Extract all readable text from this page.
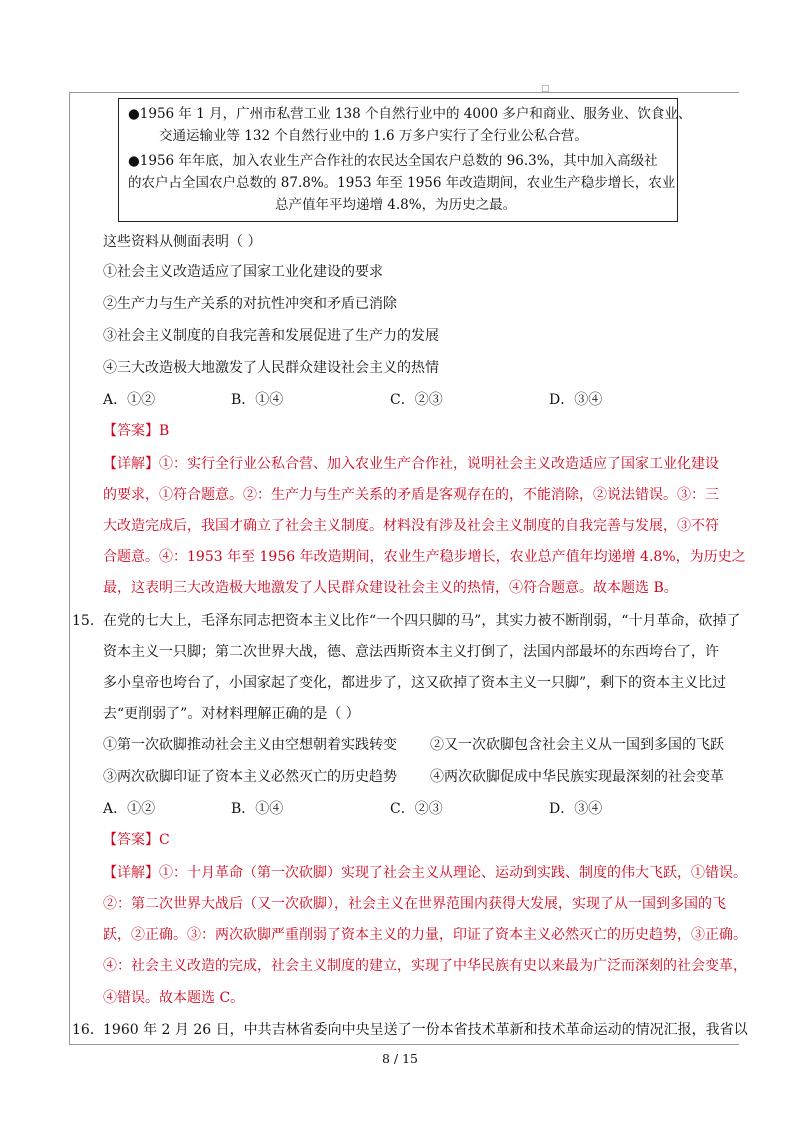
□
●1956 年 1 月，广州市私营工业 138 个自然行业中的 4000 多户和商业、服务业、饮食业、
交通运输业等 132 个自然行业中的 1.6 万多户实行了全行业公私合营。
●1956 年年底，加入农业生产合作社的农民达全国农户总数的 96.3%，其中加入高级社
的农户占全国农户总数的 87.8%。1953 年至 1956 年改造期间，农业生产稳步增长，农业
总产值年平均递增 4.8%，为历史之最。
这些资料从侧面表明（ ）
①社会主义改造适应了国家工业化建设的要求
②生产力与生产关系的对抗性冲突和矛盾已消除
③社会主义制度的自我完善和发展促进了生产力的发展
④三大改造极大地激发了人民群众建设社会主义的热情
A．①②	B．①④	C．②③	D．③④
【答案】B
【详解】①：实行全行业公私合营、加入农业生产合作社，说明社会主义改造适应了国家工业化建设
的要求，①符合题意。②：生产力与生产关系的矛盾是客观存在的，不能消除，②说法错误。③：三
大改造完成后，我国才确立了社会主义制度。材料没有涉及社会主义制度的自我完善与发展，③不符
合题意。④：1953 年至 1956 年改造期间，农业生产稳步增长，农业总产值年均递增 4.8%，为历史之
最，这表明三大改造极大地激发了人民群众建设社会主义的热情，④符合题意。故本题选 B。
15. 在党的七大上，毛泽东同志把资本主义比作“一个四只脚的马”，其实力被不断削弱，“十月革命，砍掉了
资本主义一只脚；第二次世界大战，德、意法西斯资本主义打倒了，法国内部最坏的东西垮台了，许
多小皇帝也垮台了，小国家起了变化，都进步了，这又砍掉了资本主义一只脚”，剩下的资本主义比过
去“更削弱了”。对材料理解正确的是（ ）
①第一次砍脚推动社会主义由空想朝着实践转变 ②又一次砍脚包含社会主义从一国到多国的飞跃
③两次砍脚印证了资本主义必然灭亡的历史趋势 ④两次砍脚促成中华民族实现最深刻的社会变革
A．①②	B．①④	C．②③	D．③④
【答案】C
【详解】①：十月革命（第一次砍脚）实现了社会主义从理论、运动到实践、制度的伟大飞跃，①错误。
②：第二次世界大战后（又一次砍脚），社会主义在世界范围内获得大发展，实现了从一国到多国的飞
跃，②正确。③：两次砍脚严重削弱了资本主义的力量，印证了资本主义必然灭亡的历史趋势，③正确。
④：社会主义改造的完成，社会主义制度的建立，实现了中华民族有史以来最为广泛而深刻的社会变革，
④错误。故本题选 C。
16． 1960 年 2 月 26 日，中共吉林省委向中央呈送了一份本省技术革新和技术革命运动的情况汇报，我省以
8 / 15
